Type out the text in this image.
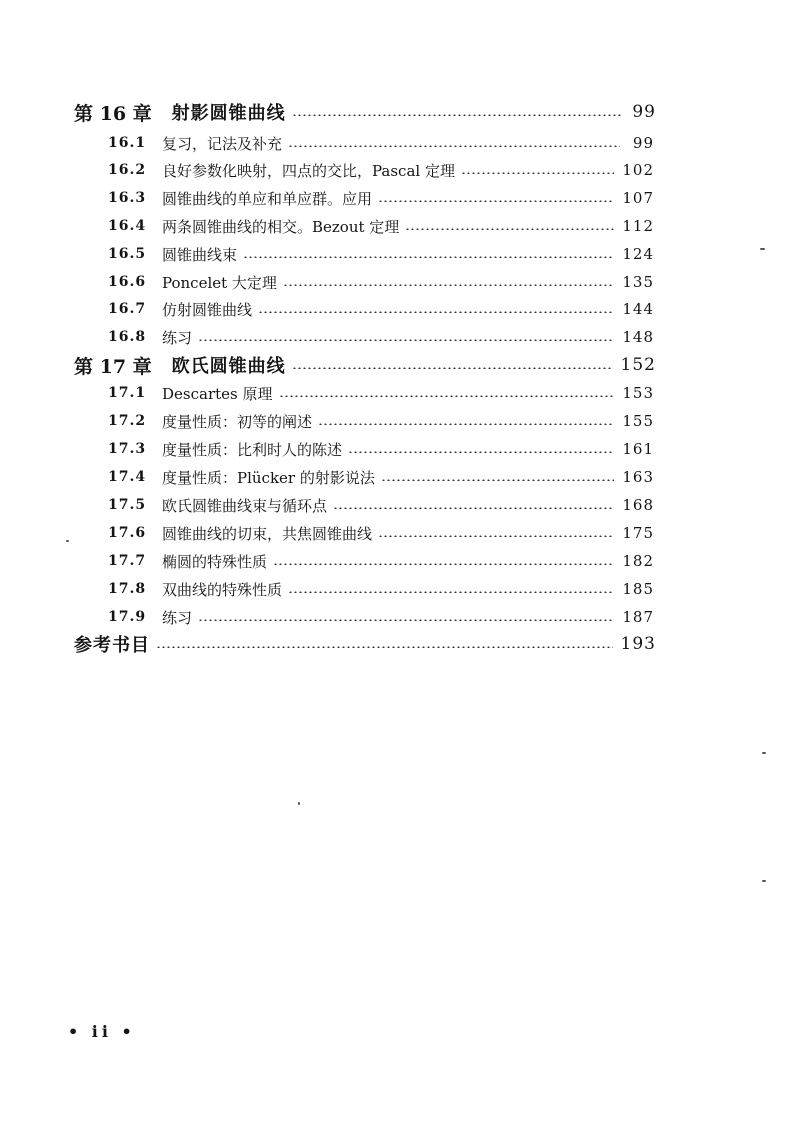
第 16 章 射影圆锥曲线	99
16.1	复习，记法及补充	99
16.2	良好参数化映射，四点的交比，Pascal 定理	102
16.3	圆锥曲线的单应和单应群。应用	107
16.4	两条圆锥曲线的相交。Bezout 定理	112
16.5	圆锥曲线束	124
16.6	Poncelet 大定理	135
16.7	仿射圆锥曲线	144
16.8	练习	148
第 17 章 欧氏圆锥曲线	152
17.1	Descartes 原理	153
17.2	度量性质：初等的阐述	155
17.3	度量性质：比利时人的陈述	161
17.4	度量性质：Plücker 的射影说法	163
17.5	欧氏圆锥曲线束与循环点	168
17.6	圆锥曲线的切束，共焦圆锥曲线	175
17.7	椭圆的特殊性质	182
17.8	双曲线的特殊性质	185
17.9	练习	187
参考书目	193
• ii •
